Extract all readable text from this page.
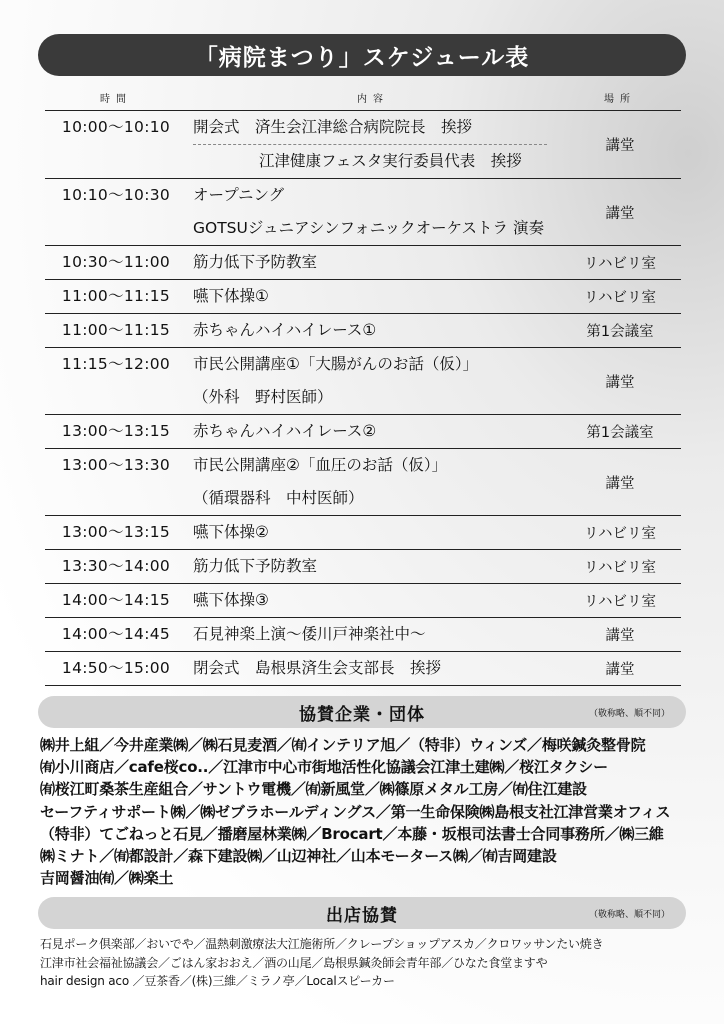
「病院まつり」スケジュール表
時間	内容	場所

10:00〜10:10	開会式　済生会江津総合病院院長　挨拶
江津健康フェスタ実行委員代表　挨拶	講堂

10:10〜10:30	オープニング
GOTSUジュニアシンフォニックオーケストラ 演奏	講堂

10:30〜11:00	筋力低下予防教室	リハビリ室

11:00〜11:15	嚥下体操①	リハビリ室

11:00〜11:15	赤ちゃんハイハイレース①	第1会議室

11:15〜12:00	市民公開講座①「大腸がんのお話（仮）」
（外科　野村医師）	講堂

13:00〜13:15	赤ちゃんハイハイレース②	第1会議室

13:00〜13:30	市民公開講座②「血圧のお話（仮）」
（循環器科　中村医師）	講堂

13:00〜13:15	嚥下体操②	リハビリ室

13:30〜14:00	筋力低下予防教室	リハビリ室

14:00〜14:15	嚥下体操③	リハビリ室

14:00〜14:45	石見神楽上演〜倭川戸神楽社中〜	講堂

14:50〜15:00	閉会式　島根県済生会支部長　挨拶	講堂
協賛企業・団体	（敬称略、順不同）
㈱井上組／今井産業㈱／㈱石見麦酒／㈲インテリア旭／（特非）ウィンズ／梅咲鍼灸整骨院
㈲小川商店／cafe桜co..／江津市中心市街地活性化協議会江津土建㈱／桜江タクシー
㈲桜江町桑茶生産組合／サントウ電機／㈲新風堂／㈱篠原メタル工房／㈲住江建設
セーフティサポート㈱／㈱ゼブラホールディングス／第一生命保険㈱島根支社江津営業オフィス
（特非）てごねっと石見／播磨屋林業㈱／Brocart／本藤・坂根司法書士合同事務所／㈱三維
㈱ミナト／㈲都設計／森下建設㈱／山辺神社／山本モータース㈱／㈲吉岡建設
吉岡醤油㈲／㈱楽土
出店協賛	（敬称略、順不同）
石見ポーク倶楽部／おいでや／温熱刺激療法大江施術所／クレープショップアスカ／クロワッサンたい焼き
江津市社会福祉協議会／ごはん家おおえ／酒の山尾／島根県鍼灸師会青年部／ひなた食堂ますや
hair design aco ／豆茶香／(株)三維／ミラノ亭／Localスピーカー
